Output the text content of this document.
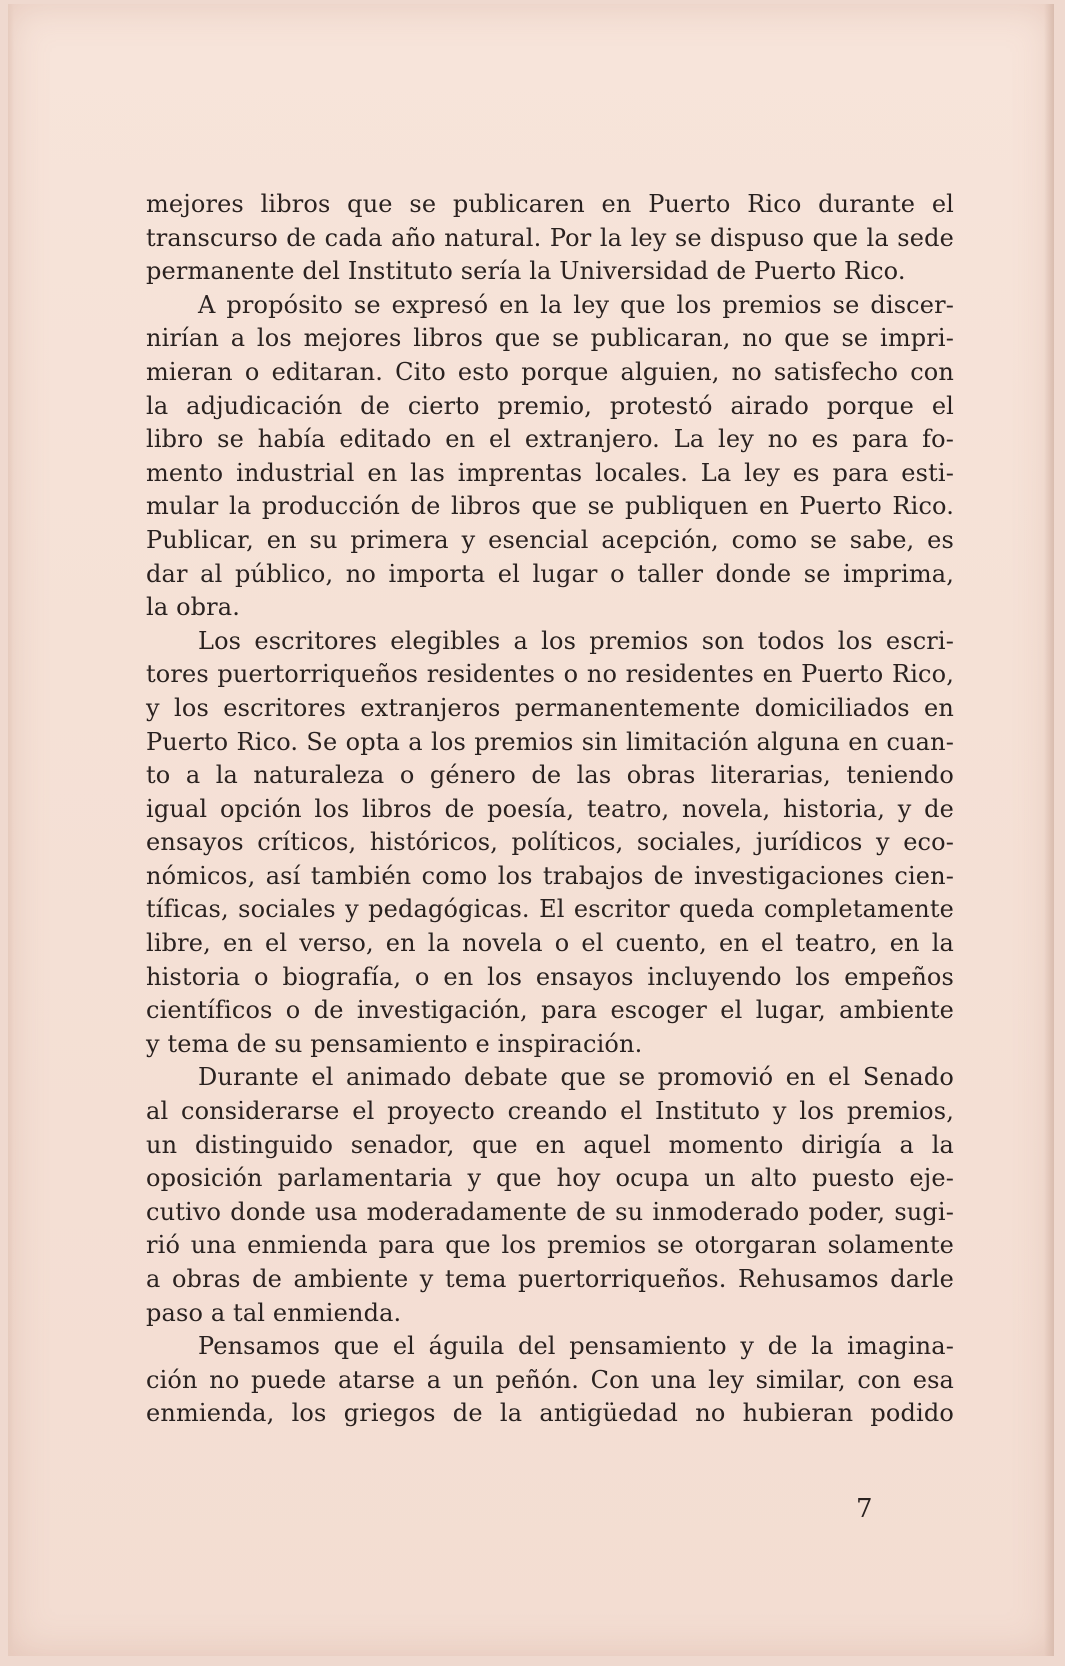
mejores libros que se publicaren en Puerto Rico durante el
transcurso de cada año natural. Por la ley se dispuso que la sede
permanente del Instituto sería la Universidad de Puerto Rico.
A propósito se expresó en la ley que los premios se discer-
nirían a los mejores libros que se publicaran, no que se impri-
mieran o editaran. Cito esto porque alguien, no satisfecho con
la adjudicación de cierto premio, protestó airado porque el
libro se había editado en el extranjero. La ley no es para fo-
mento industrial en las imprentas locales. La ley es para esti-
mular la producción de libros que se publiquen en Puerto Rico.
Publicar, en su primera y esencial acepción, como se sabe, es
dar al público, no importa el lugar o taller donde se imprima,
la obra.
Los escritores elegibles a los premios son todos los escri-
tores puertorriqueños residentes o no residentes en Puerto Rico,
y los escritores extranjeros permanentemente domiciliados en
Puerto Rico. Se opta a los premios sin limitación alguna en cuan-
to a la naturaleza o género de las obras literarias, teniendo
igual opción los libros de poesía, teatro, novela, historia, y de
ensayos críticos, históricos, políticos, sociales, jurídicos y eco-
nómicos, así también como los trabajos de investigaciones cien-
tíficas, sociales y pedagógicas. El escritor queda completamente
libre, en el verso, en la novela o el cuento, en el teatro, en la
historia o biografía, o en los ensayos incluyendo los empeños
científicos o de investigación, para escoger el lugar, ambiente
y tema de su pensamiento e inspiración.
Durante el animado debate que se promovió en el Senado
al considerarse el proyecto creando el Instituto y los premios,
un distinguido senador, que en aquel momento dirigía a la
oposición parlamentaria y que hoy ocupa un alto puesto eje-
cutivo donde usa moderadamente de su inmoderado poder, sugi-
rió una enmienda para que los premios se otorgaran solamente
a obras de ambiente y tema puertorriqueños. Rehusamos darle
paso a tal enmienda.
Pensamos que el águila del pensamiento y de la imagina-
ción no puede atarse a un peñón. Con una ley similar, con esa
enmienda, los griegos de la antigüedad no hubieran podido
7
